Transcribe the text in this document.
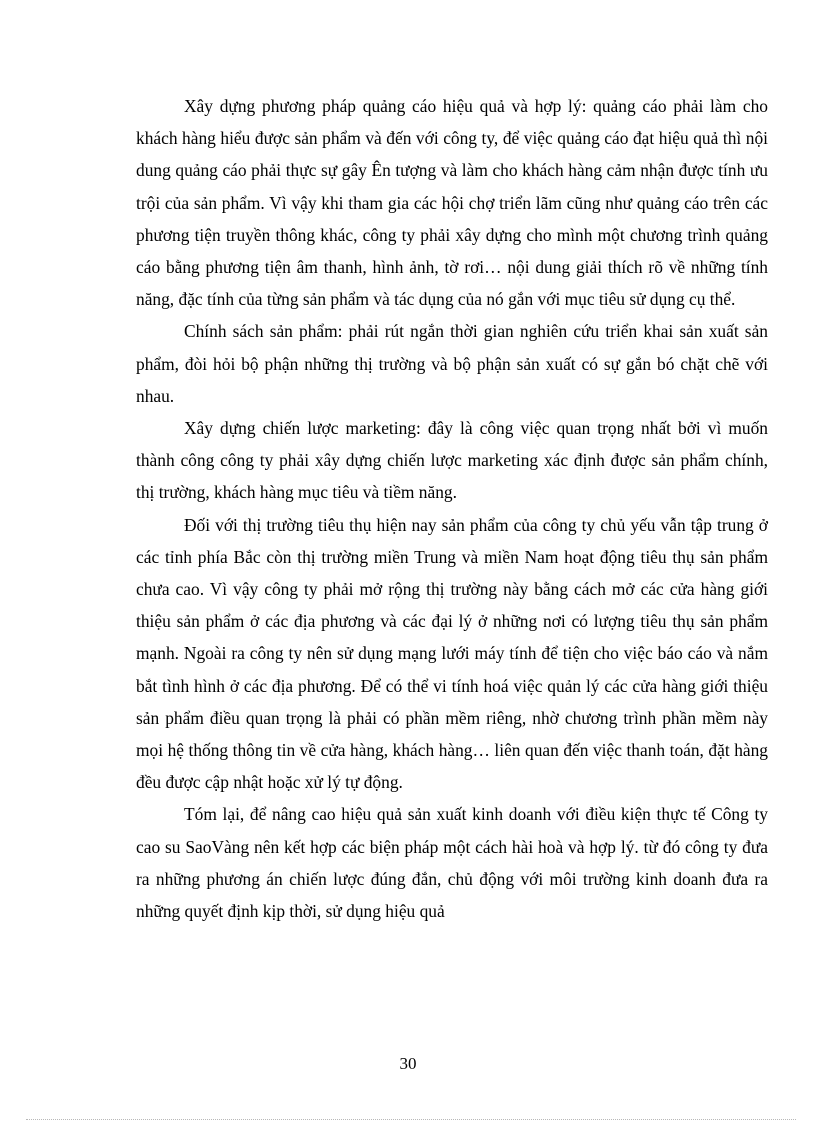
Xây dựng phương pháp quảng cáo hiệu quả và hợp lý: quảng cáo phải làm cho khách hàng hiểu được sản phẩm và đến với công ty, để việc quảng cáo đạt hiệu quả thì nội dung quảng cáo phải thực sự gây Ên tượng và làm cho khách hàng cảm nhận được tính ưu trội của sản phẩm. Vì vậy khi tham gia các hội chợ triển lãm cũng như quảng cáo trên các phương tiện truyền thông khác, công ty phải xây dựng cho mình một chương trình quảng cáo bằng phương tiện âm thanh, hình ảnh, tờ rơi… nội dung giải thích rõ về những tính năng, đặc tính của từng sản phẩm và tác dụng của nó gắn với mục tiêu sử dụng cụ thể.

Chính sách sản phẩm: phải rút ngắn thời gian nghiên cứu triển khai sản xuất sản phẩm, đòi hỏi bộ phận những thị trường và bộ phận sản xuất có sự gắn bó chặt chẽ với nhau.

Xây dựng chiến lược marketing: đây là công việc quan trọng nhất bởi vì muốn thành công công ty phải xây dựng chiến lược marketing xác định được sản phẩm chính, thị trường, khách hàng mục tiêu và tiềm năng.

Đối với thị trường tiêu thụ hiện nay sản phẩm của công ty chủ yếu vẫn tập trung ở các tỉnh phía Bắc còn thị trường miền Trung và miền Nam hoạt động tiêu thụ sản phẩm chưa cao. Vì vậy công ty phải mở rộng thị trường này bằng cách mở các cửa hàng giới thiệu sản phẩm ở các địa phương và các đại lý ở những nơi có lượng tiêu thụ sản phẩm mạnh. Ngoài ra công ty nên sử dụng mạng lưới máy tính để tiện cho việc báo cáo và nắm bắt tình hình ở các địa phương. Để có thể vi tính hoá việc quản lý các cửa hàng giới thiệu sản phẩm điều quan trọng là phải có phần mềm riêng, nhờ chương trình phần mềm này mọi hệ thống thông tin về cửa hàng, khách hàng… liên quan đến việc thanh toán, đặt hàng đều được cập nhật hoặc xử lý tự động.

Tóm lại, để nâng cao hiệu quả sản xuất kinh doanh với điều kiện thực tế Công ty cao su SaoVàng nên kết hợp các biện pháp một cách hài hoà và hợp lý. từ đó công ty đưa ra những phương án chiến lược đúng đắn, chủ động với môi trường kinh doanh đưa ra những quyết định kịp thời, sử dụng hiệu quả

30
